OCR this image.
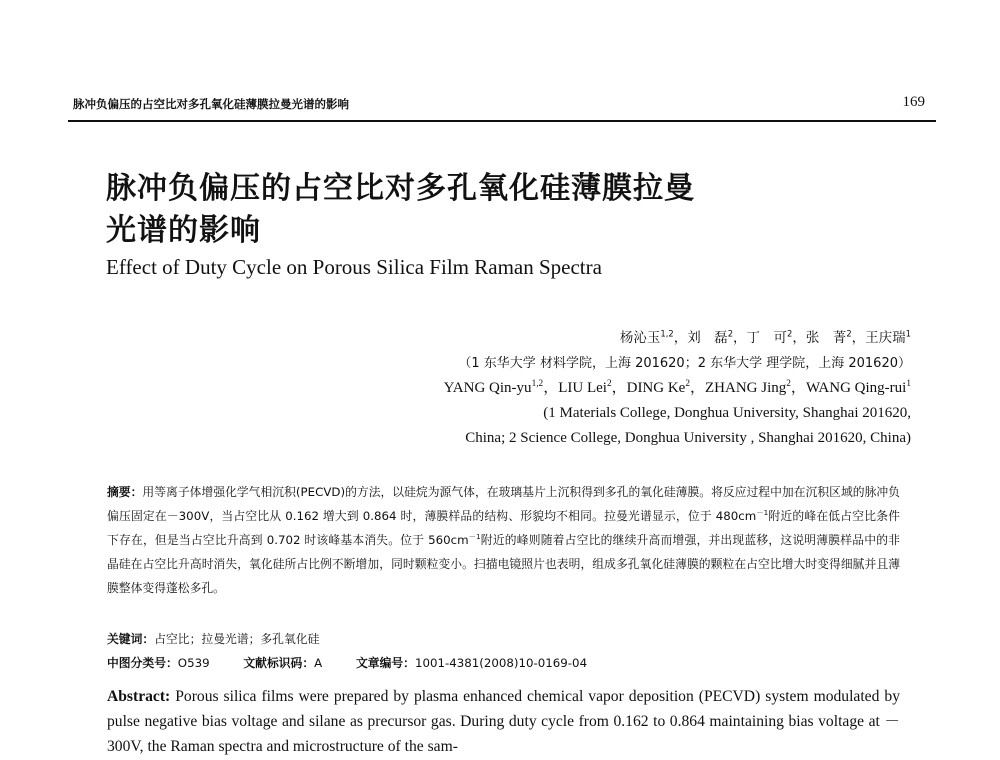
脉冲负偏压的占空比对多孔氧化硅薄膜拉曼光谱的影响	169
脉冲负偏压的占空比对多孔氧化硅薄膜拉曼
光谱的影响
Effect of Duty Cycle on Porous Silica Film Raman Spectra
杨沁玉$^{1,2}$，刘　磊$^2$，丁　可$^2$，张　菁$^2$，王庆瑞$^1$
（1 东华大学 材料学院，上海 201620；2 东华大学 理学院，上海 201620）
YANG Qin-yu$^{1,2}$，LIU Lei$^2$，DING Ke$^2$，ZHANG Jing$^2$，WANG Qing-rui$^1$
(1 Materials College, Donghua University, Shanghai 201620,
China; 2 Science College, Donghua University , Shanghai 201620, China)
摘要：用等离子体增强化学气相沉积(PECVD)的方法，以硅烷为源气体，在玻璃基片上沉积得到多孔的氧化硅薄膜。将反应过程中加在沉积区域的脉冲负偏压固定在－300V，当占空比从 0.162 增大到 0.864 时，薄膜样品的结构、形貌均不相同。拉曼光谱显示，位于 $480cm^{-1}$附近的峰在低占空比条件下存在，但是当占空比升高到 0.702 时该峰基本消失。位于 $560cm^{-1}$附近的峰则随着占空比的继续升高而增强，并出现蓝移，这说明薄膜样品中的非晶硅在占空比升高时消失，氧化硅所占比例不断增加，同时颗粒变小。扫描电镜照片也表明，组成多孔氧化硅薄膜的颗粒在占空比增大时变得细腻并且薄膜整体变得蓬松多孔。
关键词：占空比；拉曼光谱；多孔氧化硅
中图分类号：O539	文献标识码：A	文章编号：1001-4381(2008)10-0169-04
Abstract: Porous silica films were prepared by plasma enhanced chemical vapor deposition (PECVD) system modulated by pulse negative bias voltage and silane as precursor gas. During duty cycle from 0.162 to 0.864 maintaining bias voltage at －300V, the Raman spectra and microstructure of the sam-
